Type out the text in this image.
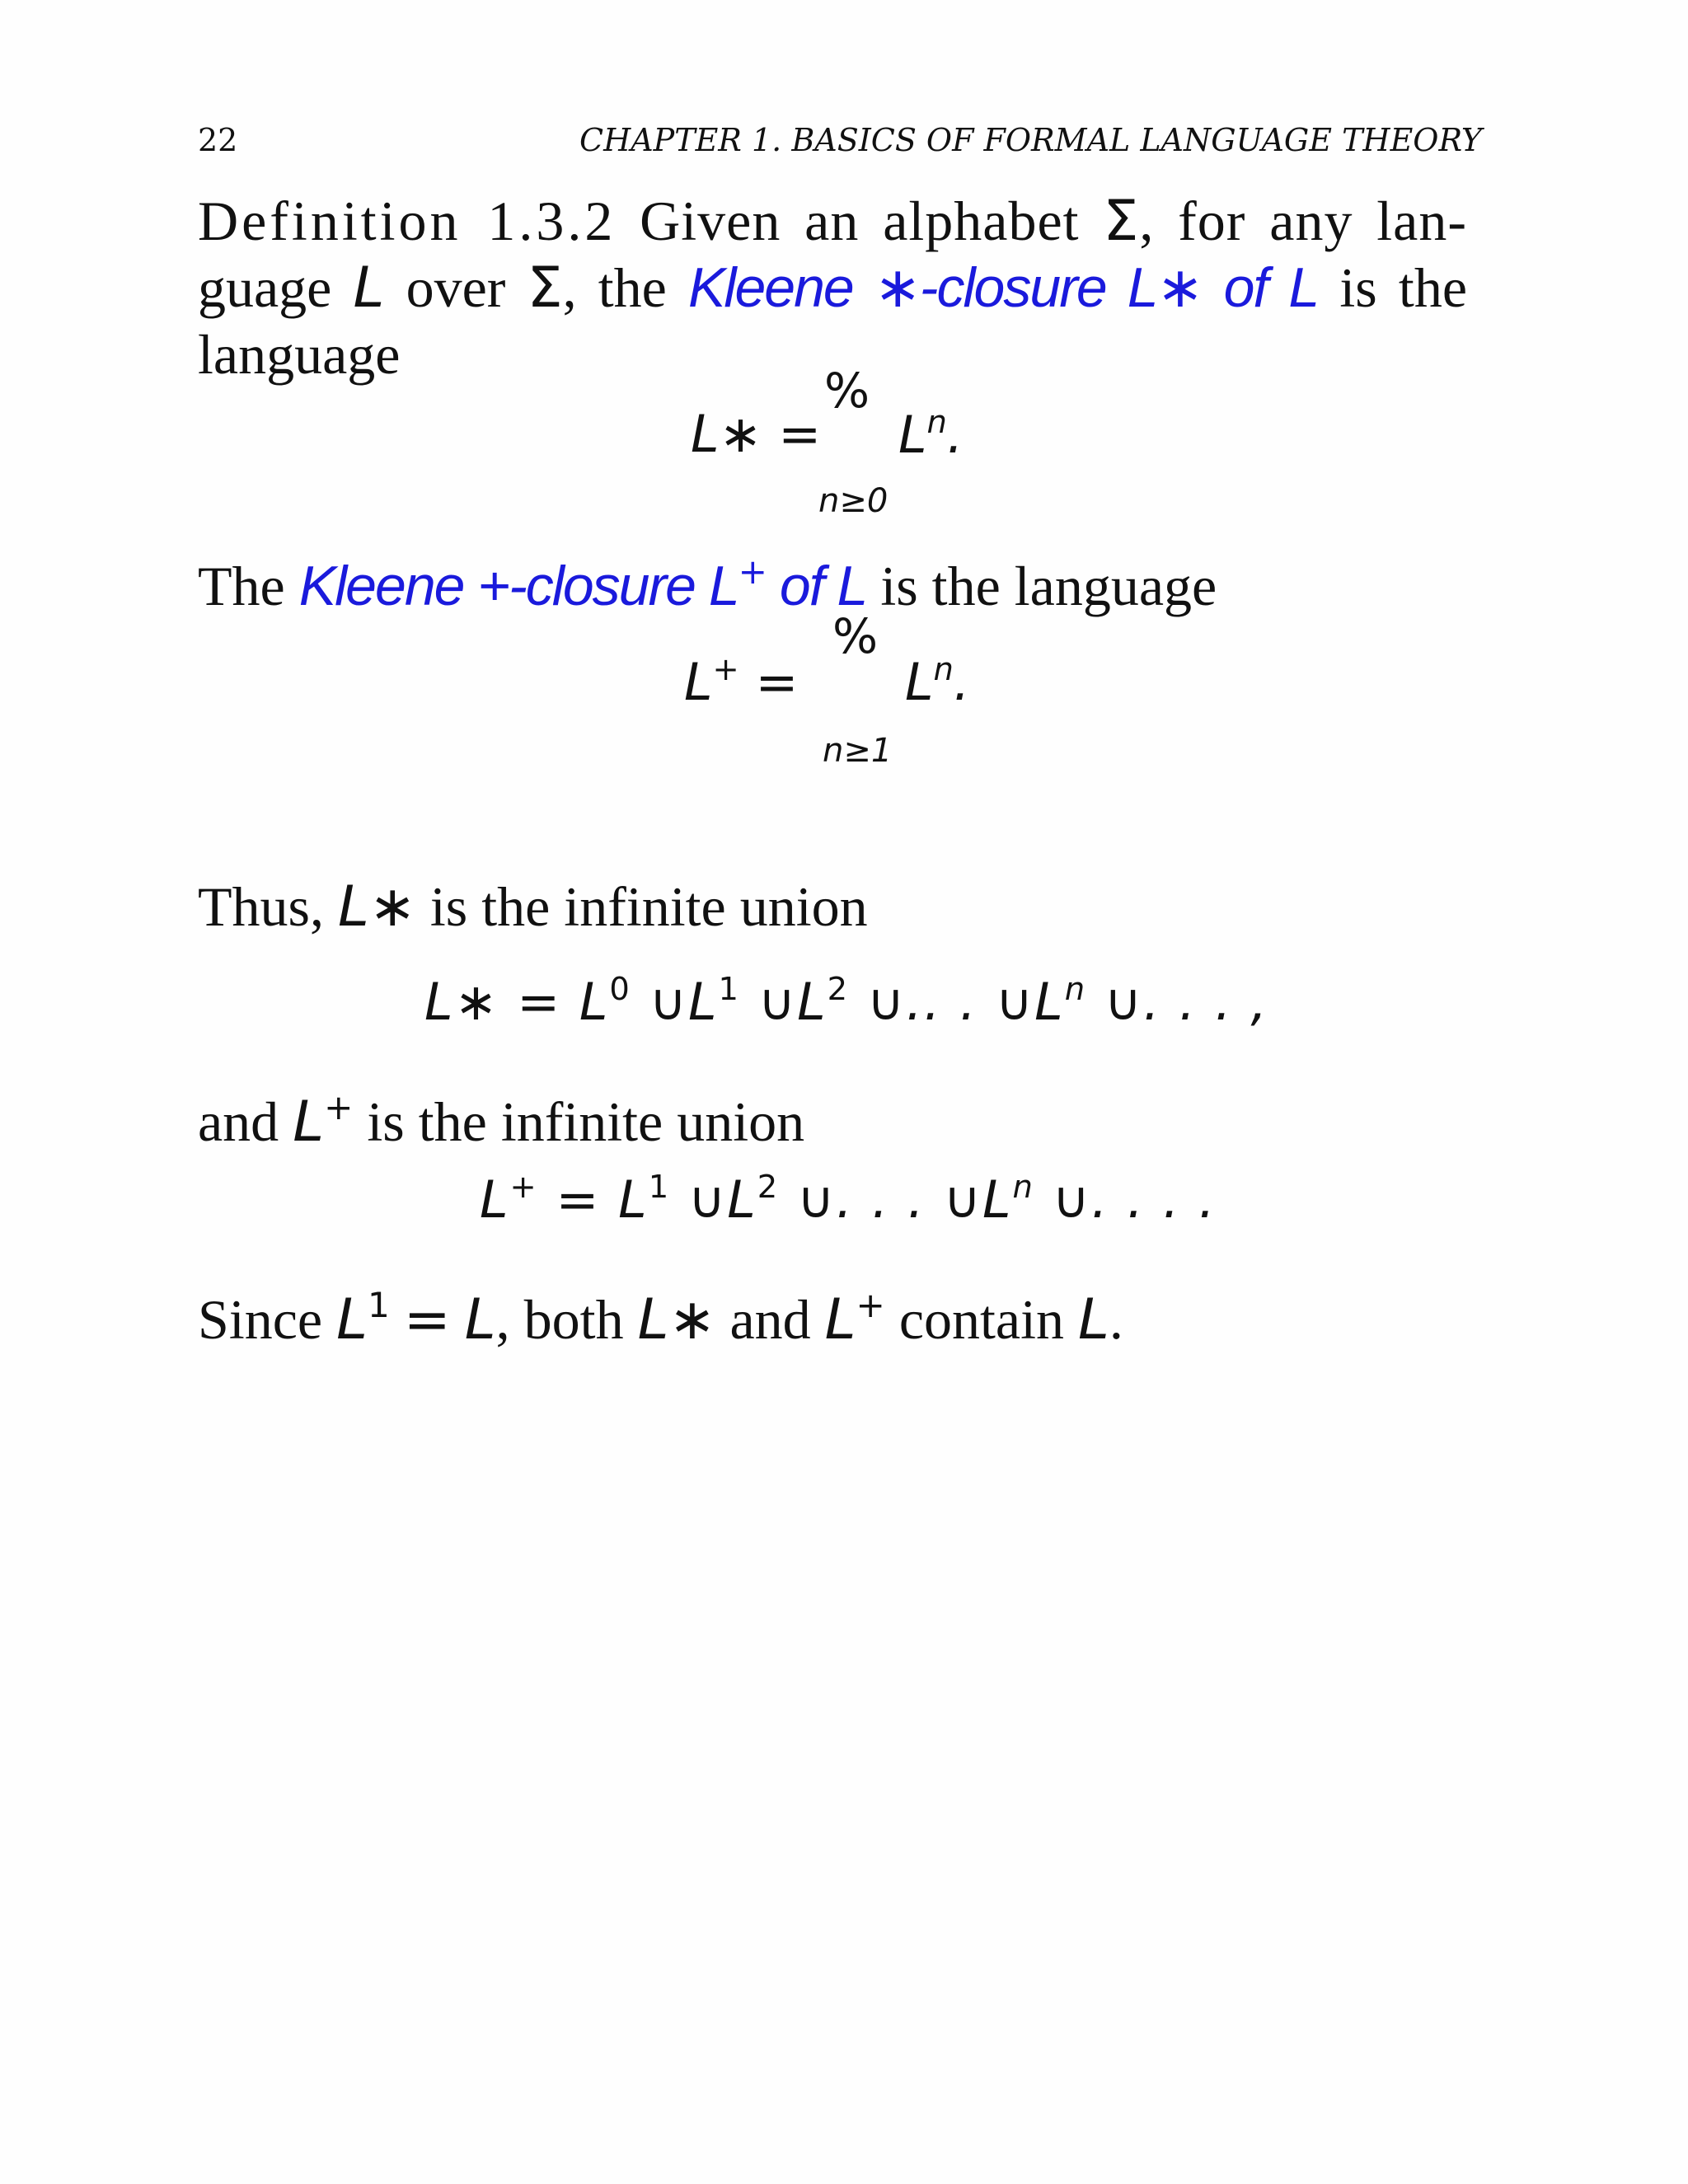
22	CHAPTER 1. BASICS OF FORMAL LANGUAGE THEORY
Definition 1.3.2 Given an alphabet Σ, for any lan-
guage L over Σ, the Kleene ∗-closure L∗ of L is the
language
L∗ =
%
$L^n$.
n≥0
The Kleene +-closure L+ of L is the language
L+ =
%
$L^n$.
n≥1
Thus, L∗ is the infinite union
L∗ = $L^0$ $\cup L^1$ $\cup L^2$ ∪.. . $\cup L^n$ ∪. . . ,
and L+ is the infinite union
$L^+ = L^1$ $\cup L^2$ ∪. . . $\cup L^n$ ∪. . . .
Since $L^1 = L$, both L∗ and L+ contain L.
